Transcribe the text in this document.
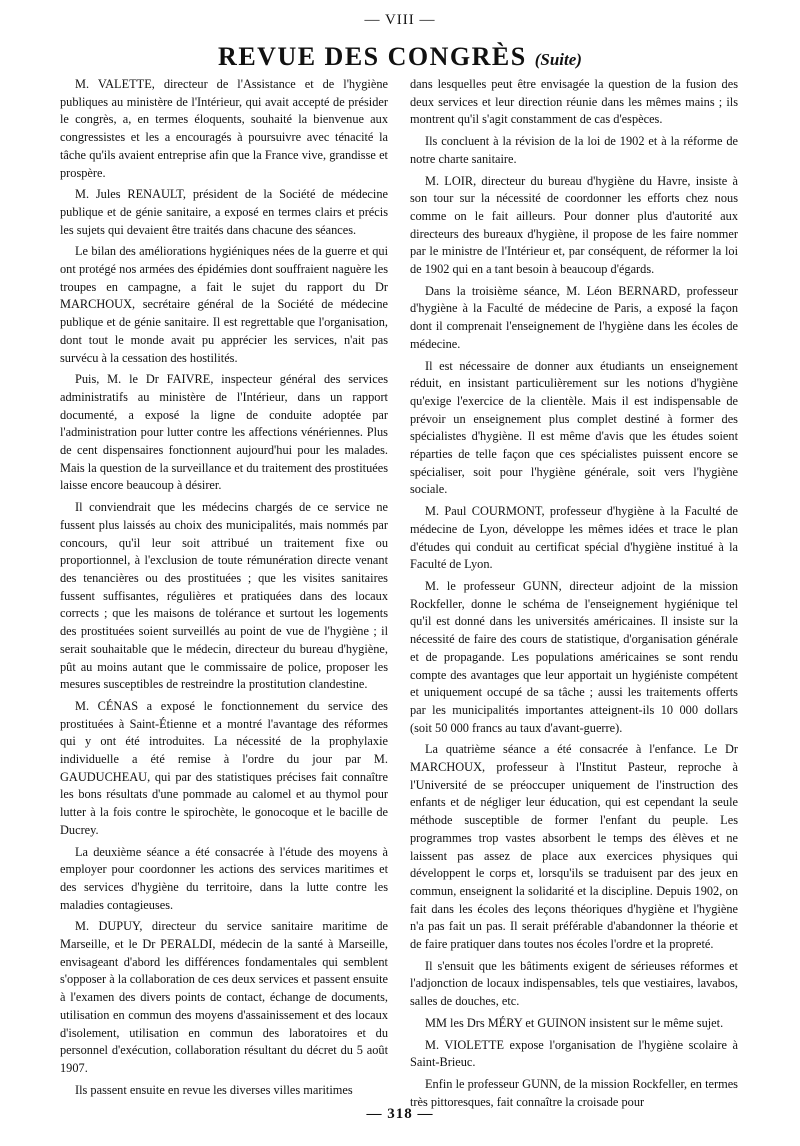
— VIII —
REVUE DES CONGRÈS (Suite)

M. VALETTE, directeur de l'Assistance et de l'hygiène publiques au ministère de l'Intérieur, qui avait accepté de présider le congrès, a, en termes éloquents, souhaité la bienvenue aux congressistes et les a encouragés à poursuivre avec ténacité la tâche qu'ils avaient entreprise afin que la France vive, grandisse et prospère.

M. Jules RENAULT, président de la Société de médecine publique et de génie sanitaire, a exposé en termes clairs et précis les sujets qui devaient être traités dans chacune des séances.

Le bilan des améliorations hygiéniques nées de la guerre et qui ont protégé nos armées des épidémies dont souffraient naguère les troupes en campagne, a fait le sujet du rapport du Dr MARCHOUX, secrétaire général de la Société de médecine publique et de génie sanitaire. Il est regrettable que l'organisation, dont tout le monde avait pu apprécier les services, n'ait pas survécu à la cessation des hostilités.

Puis, M. le Dr FAIVRE, inspecteur général des services administratifs au ministère de l'Intérieur, dans un rapport documenté, a exposé la ligne de conduite adoptée par l'administration pour lutter contre les affections vénériennes. Plus de cent dispensaires fonctionnent aujourd'hui pour les malades. Mais la question de la surveillance et du traitement des prostituées laisse encore beaucoup à désirer.

Il conviendrait que les médecins chargés de ce service ne fussent plus laissés au choix des municipalités, mais nommés par concours, qu'il leur soit attribué un traitement fixe ou proportionnel, à l'exclusion de toute rémunération directe venant des tenancières ou des prostituées ; que les visites sanitaires fussent suffisantes, régulières et pratiquées dans des locaux corrects ; que les maisons de tolérance et surtout les logements des prostituées soient surveillés au point de vue de l'hygiène ; il serait souhaitable que le médecin, directeur du bureau d'hygiène, pût au moins autant que le commissaire de police, proposer les mesures susceptibles de restreindre la prostitution clandestine.

M. CÉNAS a exposé le fonctionnement du service des prostituées à Saint-Étienne et a montré l'avantage des réformes qui y ont été introduites. La nécessité de la prophylaxie individuelle a été remise à l'ordre du jour par M. GAUDUCHEAU, qui par des statistiques précises fait connaître les bons résultats d'une pommade au calomel et au thymol pour lutter à la fois contre le spirochète, le gonocoque et le bacille de Ducrey.

La deuxième séance a été consacrée à l'étude des moyens à employer pour coordonner les actions des services maritimes et des services d'hygiène du territoire, dans la lutte contre les maladies contagieuses.

M. DUPUY, directeur du service sanitaire maritime de Marseille, et le Dr PERALDI, médecin de la santé à Marseille, envisageant d'abord les différences fondamentales qui semblent s'opposer à la collaboration de ces deux services et passent ensuite à l'examen des divers points de contact, échange de documents, utilisation en commun des moyens d'assainissement et des locaux d'isolement, utilisation en commun des laboratoires et du personnel d'exécution, collaboration résultant du décret du 5 août 1907.

Ils passent ensuite en revue les diverses villes maritimes

dans lesquelles peut être envisagée la question de la fusion des deux services et leur direction réunie dans les mêmes mains ; ils montrent qu'il s'agit constamment de cas d'espèces.

Ils concluent à la révision de la loi de 1902 et à la réforme de notre charte sanitaire.

M. LOIR, directeur du bureau d'hygiène du Havre, insiste à son tour sur la nécessité de coordonner les efforts chez nous comme on le fait ailleurs. Pour donner plus d'autorité aux directeurs des bureaux d'hygiène, il propose de les faire nommer par le ministre de l'Intérieur et, par conséquent, de réformer la loi de 1902 qui en a tant besoin à beaucoup d'égards.

Dans la troisième séance, M. Léon BERNARD, professeur d'hygiène à la Faculté de médecine de Paris, a exposé la façon dont il comprenait l'enseignement de l'hygiène dans les écoles de médecine.

Il est nécessaire de donner aux étudiants un enseignement réduit, en insistant particulièrement sur les notions d'hygiène qu'exige l'exercice de la clientèle. Mais il est indispensable de prévoir un enseignement plus complet destiné à former des spécialistes d'hygiène. Il est même d'avis que les études soient réparties de telle façon que ces spécialistes puissent encore se spécialiser, soit pour l'hygiène générale, soit vers l'hygiène sociale.

M. Paul COURMONT, professeur d'hygiène à la Faculté de médecine de Lyon, développe les mêmes idées et trace le plan d'études qui conduit au certificat spécial d'hygiène institué à la Faculté de Lyon.

M. le professeur GUNN, directeur adjoint de la mission Rockfeller, donne le schéma de l'enseignement hygiénique tel qu'il est donné dans les universités américaines. Il insiste sur la nécessité de faire des cours de statistique, d'organisation générale et de propagande. Les populations américaines se sont rendu compte des avantages que leur apportait un hygiéniste compétent et uniquement occupé de sa tâche ; aussi les traitements offerts par les municipalités importantes atteignent-ils 10 000 dollars (soit 50 000 francs au taux d'avant-guerre).

La quatrième séance a été consacrée à l'enfance. Le Dr MARCHOUX, professeur à l'Institut Pasteur, reproche à l'Université de se préoccuper uniquement de l'instruction des enfants et de négliger leur éducation, qui est cependant la seule méthode susceptible de former l'enfant du peuple. Les programmes trop vastes absorbent le temps des élèves et ne laissent pas assez de place aux exercices physiques qui développent le corps et, lorsqu'ils se traduisent par des jeux en commun, enseignent la solidarité et la discipline. Depuis 1902, on fait dans les écoles des leçons théoriques d'hygiène et l'hygiène n'a pas fait un pas. Il serait préférable d'abandonner la théorie et de faire pratiquer dans toutes nos écoles l'ordre et la propreté.

Il s'ensuit que les bâtiments exigent de sérieuses réformes et l'adjonction de locaux indispensables, tels que vestiaires, lavabos, salles de douches, etc.

MM les Drs MÉRY et GUINON insistent sur le même sujet.

M. VIOLETTE expose l'organisation de l'hygiène scolaire à Saint-Brieuc.

Enfin le professeur GUNN, de la mission Rockfeller, en termes très pittoresques, fait connaître la croisade pour

— 318 —
